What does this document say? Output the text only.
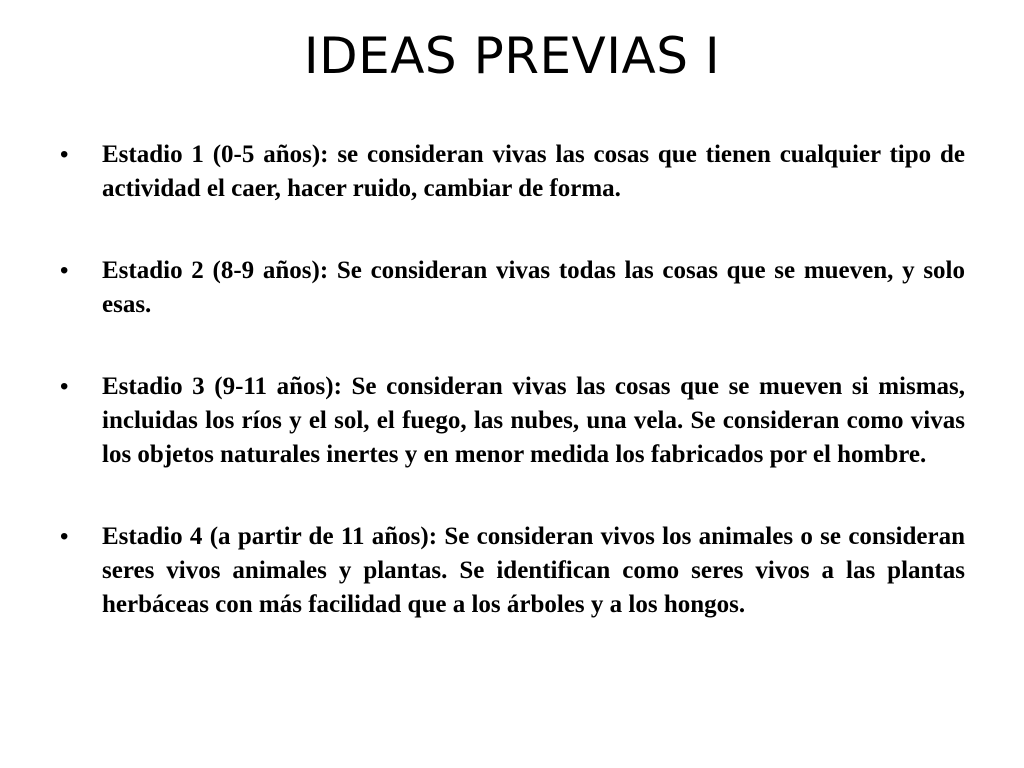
IDEAS PREVIAS I
• Estadio 1 (0-5 años): se consideran vivas las cosas que tienen cualquier tipo de actividad el caer, hacer ruido, cambiar de forma.
• Estadio 2 (8-9 años): Se consideran vivas todas las cosas que se mueven, y solo esas.
• Estadio 3 (9-11 años): Se consideran vivas las cosas que se mueven si mismas, incluidas los ríos y el sol, el fuego, las nubes, una vela. Se consideran como vivas los objetos naturales inertes y en menor medida los fabricados por el hombre.
• Estadio 4 (a partir de 11 años): Se consideran vivos los animales o se consideran seres vivos animales y plantas. Se identifican como seres vivos a las plantas herbáceas con más facilidad que a los árboles y a los hongos.
